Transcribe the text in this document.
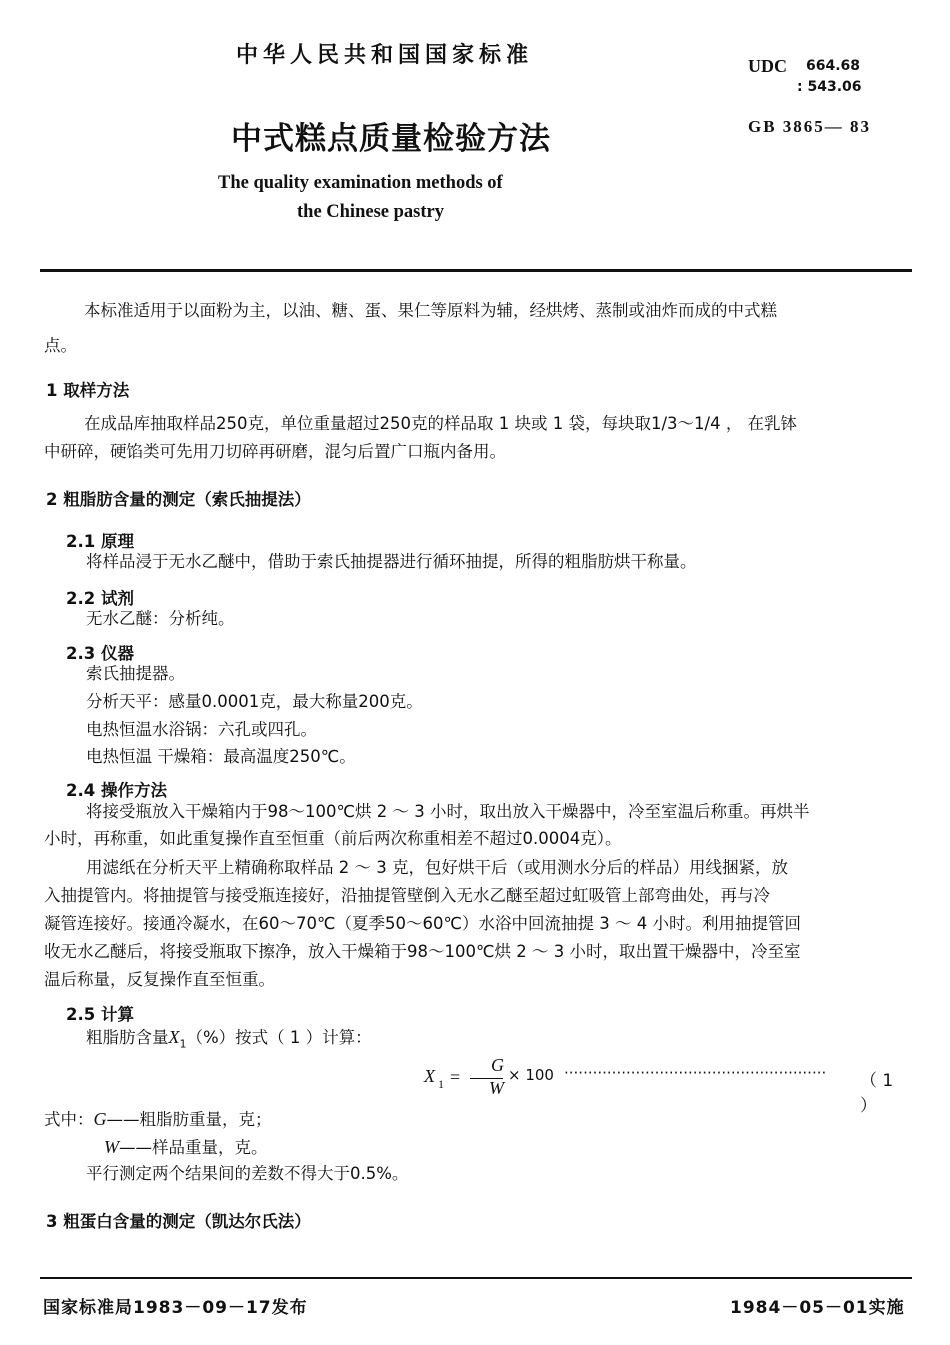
中华人民共和国国家标准	UDC 664.68
: 543.06
中式糕点质量检验方法	GB 3865— 83
The quality examination methods of
the Chinese pastry
本标准适用于以面粉为主，以油、糖、蛋、果仁等原料为辅，经烘烤、蒸制或油炸而成的中式糕
点。
1 取样方法
在成品库抽取样品250克，单位重量超过250克的样品取 1 块或 1 袋，每块取1/3～1/4 ， 在乳钵
中研碎，硬馅类可先用刀切碎再研磨，混匀后置广口瓶内备用。
2 粗脂肪含量的测定（索氏抽提法）
2.1 原理
将样品浸于无水乙醚中，借助于索氏抽提器进行循环抽提，所得的粗脂肪烘干称量。
2.2 试剂
无水乙醚：分析纯。
2.3 仪器
索氏抽提器。
分析天平：感量0.0001克，最大称量200克。
电热恒温水浴锅：六孔或四孔。
电热恒温 干燥箱：最高温度250℃。
2.4 操作方法
将接受瓶放入干燥箱内于98～100℃烘 2 ～ 3 小时，取出放入干燥器中，冷至室温后称重。再烘半
小时，再称重，如此重复操作直至恒重（前后两次称重相差不超过0.0004克）。
用滤纸在分析天平上精确称取样品 2 ～ 3 克，包好烘干后（或用测水分后的样品）用线捆紧，放
入抽提管内。将抽提管与接受瓶连接好，沿抽提管壁倒入无水乙醚至超过虹吸管上部弯曲处，再与冷
凝管连接好。接通冷凝水，在60～70℃（夏季50～60℃）水浴中回流抽提 3 ～ 4 小时。利用抽提管回
收无水乙醚后，将接受瓶取下擦净，放入干燥箱于98～100℃烘 2 ～ 3 小时，取出置干燥器中，冷至室
温后称量，反复操作直至恒重。
2.5 计算
粗脂肪含量$X_1(\%)$按式（ 1 ）计算：
X 1 =
G
W
× 100 ······················································· （ 1 ）
式中：G——粗脂肪重量，克；
W——样品重量，克。
平行测定两个结果间的差数不得大于0.5%。
3 粗蛋白含量的测定（凯达尔氏法）
国家标准局1983－09－17发布	1984－05－01实施
